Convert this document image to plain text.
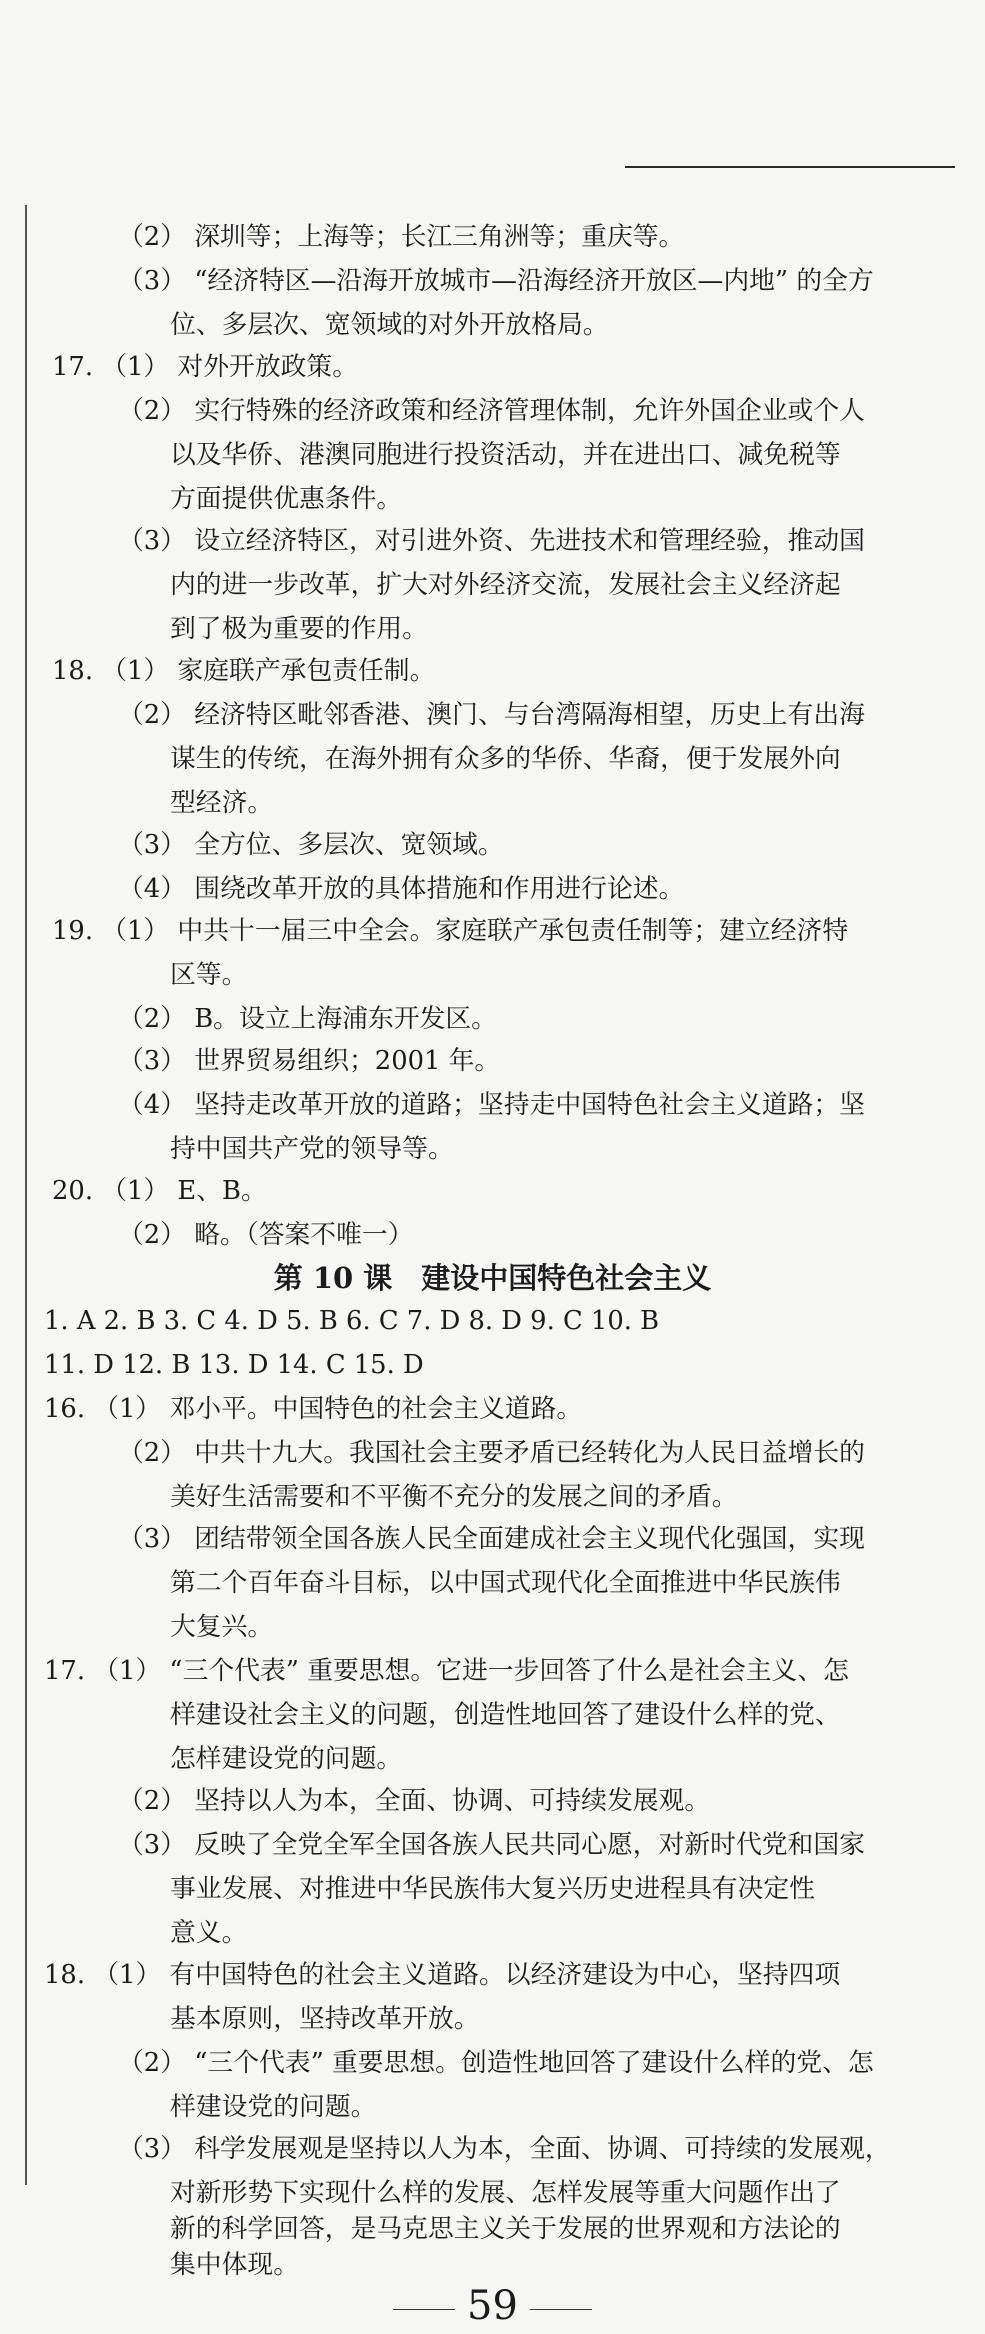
（2） 深圳等；上海等；长江三角洲等；重庆等。
（3） “经济特区—沿海开放城市—沿海经济开放区—内地” 的全方
位、多层次、宽领域的对外开放格局。
17. （1） 对外开放政策。
（2） 实行特殊的经济政策和经济管理体制，允许外国企业或个人
以及华侨、港澳同胞进行投资活动，并在进出口、减免税等
方面提供优惠条件。
（3） 设立经济特区，对引进外资、先进技术和管理经验，推动国
内的进一步改革，扩大对外经济交流，发展社会主义经济起
到了极为重要的作用。
18. （1） 家庭联产承包责任制。
（2） 经济特区毗邻香港、澳门、与台湾隔海相望，历史上有出海
谋生的传统，在海外拥有众多的华侨、华裔，便于发展外向
型经济。
（3） 全方位、多层次、宽领域。
（4） 围绕改革开放的具体措施和作用进行论述。
19. （1） 中共十一届三中全会。家庭联产承包责任制等；建立经济特
区等。
（2） B。设立上海浦东开发区。
（3） 世界贸易组织；2001 年。
（4） 坚持走改革开放的道路；坚持走中国特色社会主义道路；坚
持中国共产党的领导等。
20. （1） E、B。
（2） 略。（答案不唯一）
第 10 课　建设中国特色社会主义
1. A 2. B 3. C 4. D 5. B 6. C 7. D 8. D 9. C 10. B
11. D 12. B 13. D 14. C 15. D
16. （1） 邓小平。中国特色的社会主义道路。
（2） 中共十九大。我国社会主要矛盾已经转化为人民日益增长的
美好生活需要和不平衡不充分的发展之间的矛盾。
（3） 团结带领全国各族人民全面建成社会主义现代化强国，实现
第二个百年奋斗目标，以中国式现代化全面推进中华民族伟
大复兴。
17. （1） “三个代表” 重要思想。它进一步回答了什么是社会主义、怎
样建设社会主义的问题，创造性地回答了建设什么样的党、
怎样建设党的问题。
（2） 坚持以人为本，全面、协调、可持续发展观。
（3） 反映了全党全军全国各族人民共同心愿，对新时代党和国家
事业发展、对推进中华民族伟大复兴历史进程具有决定性
意义。
18. （1） 有中国特色的社会主义道路。以经济建设为中心，坚持四项
基本原则，坚持改革开放。
（2） “三个代表” 重要思想。创造性地回答了建设什么样的党、怎
样建设党的问题。
（3） 科学发展观是坚持以人为本，全面、协调、可持续的发展观，
对新形势下实现什么样的发展、怎样发展等重大问题作出了
新的科学回答，是马克思主义关于发展的世界观和方法论的
集中体现。
59
